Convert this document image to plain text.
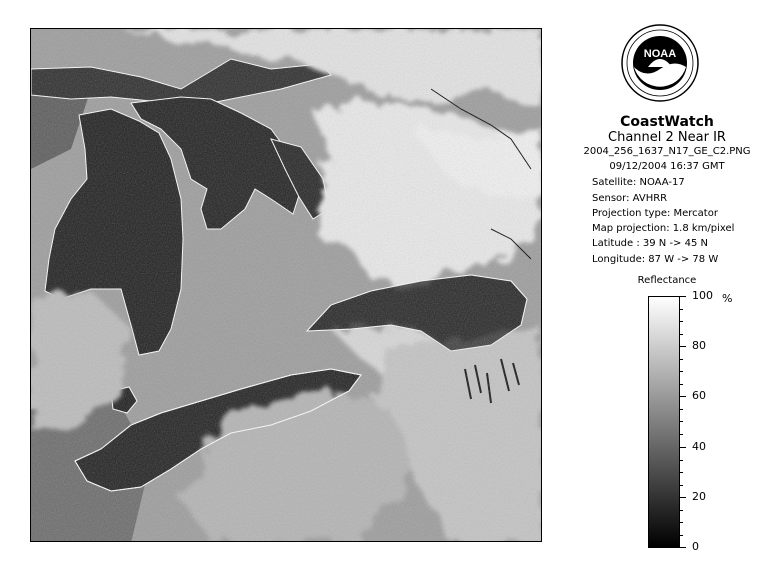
NOAA
CoastWatch
Channel 2 Near IR
2004_256_1637_N17_GE_C2.PNG
09/12/2004 16:37 GMT
Satellite: NOAA-17
Sensor: AVHRR
Projection type: Mercator
Map projection: 1.8 km/pixel
Latitude : 39 N -> 45 N
Longitude: 87 W -> 78 W
Reflectance
100
80
60
40
20
0
%
